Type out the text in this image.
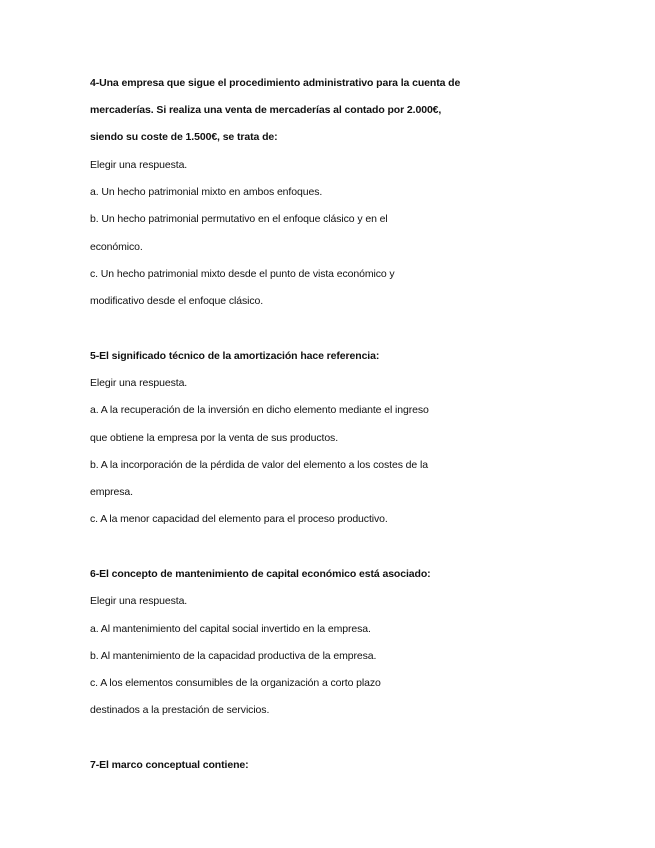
4-Una empresa que sigue el procedimiento administrativo para la cuenta de
mercaderías. Si realiza una venta de mercaderías al contado por 2.000€,
siendo su coste de 1.500€, se trata de:
Elegir una respuesta.
a. Un hecho patrimonial mixto en ambos enfoques.
b. Un hecho patrimonial permutativo en el enfoque clásico y en el
económico.
c. Un hecho patrimonial mixto desde el punto de vista económico y
modificativo desde el enfoque clásico.
5-El significado técnico de la amortización hace referencia:
Elegir una respuesta.
a. A la recuperación de la inversión en dicho elemento mediante el ingreso
que obtiene la empresa por la venta de sus productos.
b. A la incorporación de la pérdida de valor del elemento a los costes de la
empresa.
c. A la menor capacidad del elemento para el proceso productivo.
6-El concepto de mantenimiento de capital económico está asociado:
Elegir una respuesta.
a. Al mantenimiento del capital social invertido en la empresa.
b. Al mantenimiento de la capacidad productiva de la empresa.
c. A los elementos consumibles de la organización a corto plazo
destinados a la prestación de servicios.
7-El marco conceptual contiene:
